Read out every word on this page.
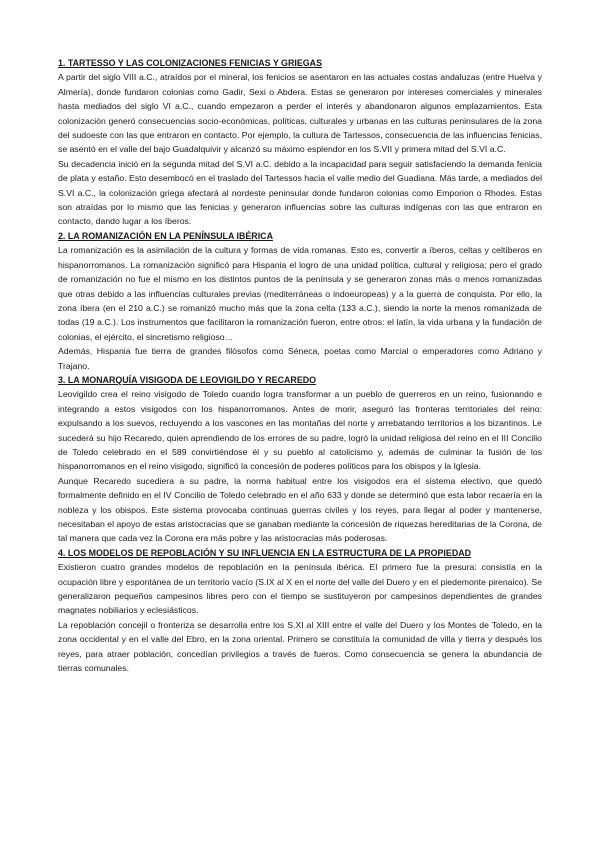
1. TARTESSO Y LAS COLONIZACIONES FENICIAS Y GRIEGAS

A partir del siglo VIII a.C., atraídos por el mineral, los fenicios se asentaron en las actuales costas andaluzas (entre Huelva y Almería), donde fundaron colonias como Gadir, Sexi o Abdera. Estas se generaron por intereses comerciales y minerales hasta mediados del siglo VI a.C., cuando empezaron a perder el interés y abandonaron algunos emplazamientos. Esta colonización generó consecuencias socio-económicas, políticas, culturales y urbanas en las culturas peninsulares de la zona del sudoeste con las que entraron en contacto. Por ejemplo, la cultura de Tartessos, consecuencia de las influencias fenicias, se asentó en el valle del bajo Guadalquivir y alcanzó su máximo esplendor en los S.VII y primera mitad del S.VI a.C.

Su decadencia inició en la segunda mitad del S.VI a.C. debido a la incapacidad para seguir satisfaciendo la demanda fenicia de plata y estaño. Esto desembocó en el traslado del Tartessos hacia el valle medio del Guadiana. Más tarde, a mediados del S.VI a.C., la colonización griega afectará al nordeste peninsular donde fundaron colonias como Emporion o Rhodes. Estas son atraídas por lo mismo que las fenicias y generaron influencias sobre las culturas indígenas con las que entraron en contacto, dando lugar a los íberos.

2. LA ROMANIZACIÓN EN LA PENÍNSULA IBÉRICA

La romanización es la asimilación de la cultura y formas de vida romanas. Esto es, convertir a íberos, celtas y celtíberos en hispanorromanos. La romanización significó para Hispania el logro de una unidad política, cultural y religiosa; pero el grado de romanización no fue el mismo en los distintos puntos de la península y se generaron zonas más o menos romanizadas que otras debido a las influencias culturales previas (mediterráneas o indoeuropeas) y a la guerra de conquista. Por ello, la zona íbera (en el 210 a.C.) se romanizó mucho más que la zona celta (133 a.C.), siendo la norte la menos romanizada de todas (19 a.C.). Los instrumentos que facilitaron la romanización fueron, entre otros: el latín, la vida urbana y la fundación de colonias, el ejército, el sincretismo religioso…

Además, Hispania fue tierra de grandes filósofos como Séneca, poetas como Marcial o emperadores como Adriano y Trajano.

3. LA MONARQUÍA VISIGODA DE LEOVIGILDO Y RECAREDO

Leovigildo crea el reino visigodo de Toledo cuando logra transformar a un pueblo de guerreros en un reino, fusionando e integrando a estos visigodos con los hispanorromanos. Antes de morir, aseguró las fronteras territoriales del reino: expulsando a los suevos, recluyendo a los vascones en las montañas del norte y arrebatando territorios a los bizantinos. Le sucederá su hijo Recaredo, quien aprendiendo de los errores de su padre, logró la unidad religiosa del reino en el III Concilio de Toledo celebrado en el 589 convirtiéndose él y su pueblo al catolicismo y, además de culminar la fusión de los hispanorromanos en el reino visigodo, significó la concesión de poderes políticos para los obispos y la Iglesia.

Aunque Recaredo sucediera a su padre, la norma habitual entre los visigodos era el sistema electivo, que quedó formalmente definido en el IV Concilio de Toledo celebrado en el año 633 y donde se determinó que esta labor recaería en la nobleza y los obispos. Este sistema provocaba continuas guerras civiles y los reyes, para llegar al poder y mantenerse, necesitaban el apoyo de estas aristocracias que se ganaban mediante la concesión de riquezas hereditarias de la Corona, de tal manera que cada vez la Corona era más pobre y las aristocracias más poderosas.

4. LOS MODELOS DE REPOBLACIÓN Y SU INFLUENCIA EN LA ESTRUCTURA DE LA PROPIEDAD

Existieron cuatro grandes modelos de repoblación en la península ibérica. El primero fue la presura: consistía en la ocupación libre y espontánea de un territorio vacío (S.IX al X en el norte del valle del Duero y en el piedemonte pirenaico). Se generalizaron pequeños campesinos libres pero con el tiempo se sustituyeron por campesinos dependientes de grandes magnates nobiliarios y eclesiásticos.

La repoblación concejil o fronteriza se desarrolla entre los S.XI al XIII entre el valle del Duero y los Montes de Toledo, en la zona occidental y en el valle del Ebro, en la zona oriental. Primero se constituía la comunidad de villa y tierra y después los reyes, para atraer población, concedían privilegios a través de fueros. Como consecuencia se genera la abundancia de tierras comunales.
